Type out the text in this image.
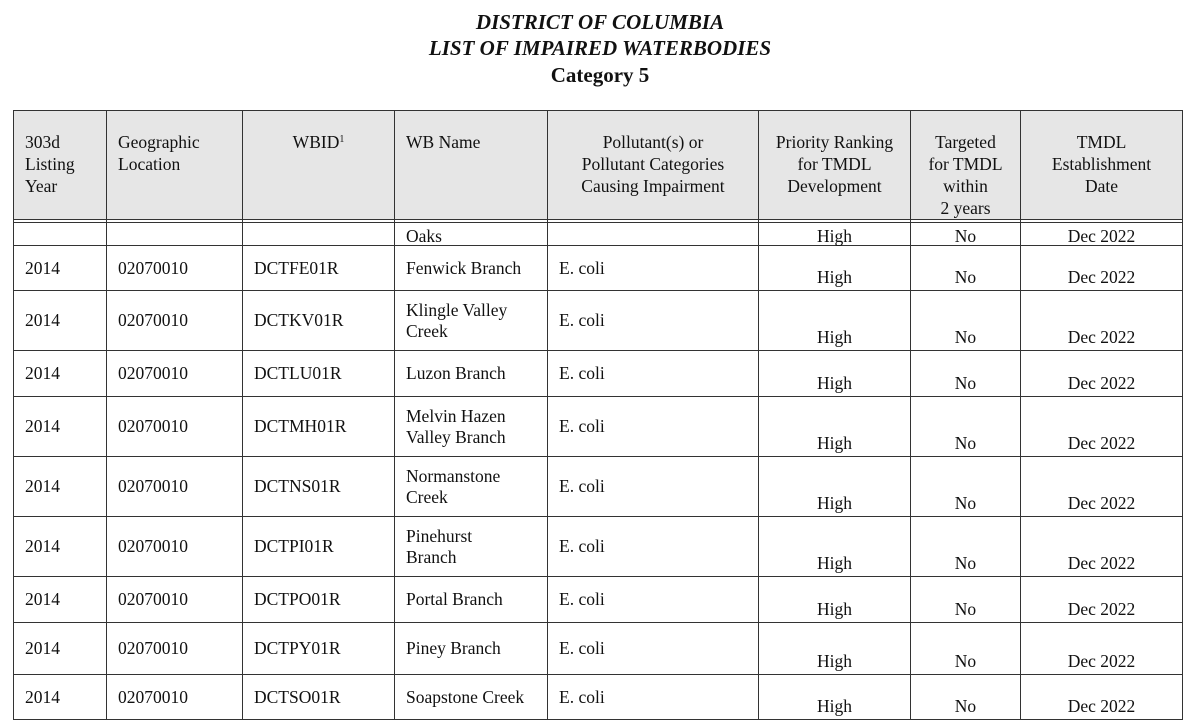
DISTRICT OF COLUMBIA
LIST OF IMPAIRED WATERBODIES
Category 5
303d
Listing
Year	Geographic
Location	WBID$^1$	WB Name	Pollutant(s) or
Pollutant Categories
Causing Impairment	Priority Ranking
for TMDL
Development	Targeted
for TMDL
within
2 years	TMDL
Establishment
Date

			Oaks		High	No	Dec 2022
2014	02070010	DCTFE01R	Fenwick Branch	E. coli	High	No	Dec 2022
2014	02070010	DCTKV01R	Klingle Valley
Creek	E. coli	High	No	Dec 2022
2014	02070010	DCTLU01R	Luzon Branch	E. coli	High	No	Dec 2022
2014	02070010	DCTMH01R	Melvin Hazen
Valley Branch	E. coli	High	No	Dec 2022
2014	02070010	DCTNS01R	Normanstone
Creek	E. coli	High	No	Dec 2022
2014	02070010	DCTPI01R	Pinehurst
Branch	E. coli	High	No	Dec 2022
2014	02070010	DCTPO01R	Portal Branch	E. coli	High	No	Dec 2022
2014	02070010	DCTPY01R	Piney Branch	E. coli	High	No	Dec 2022
2014	02070010	DCTSO01R	Soapstone Creek	E. coli	High	No	Dec 2022
